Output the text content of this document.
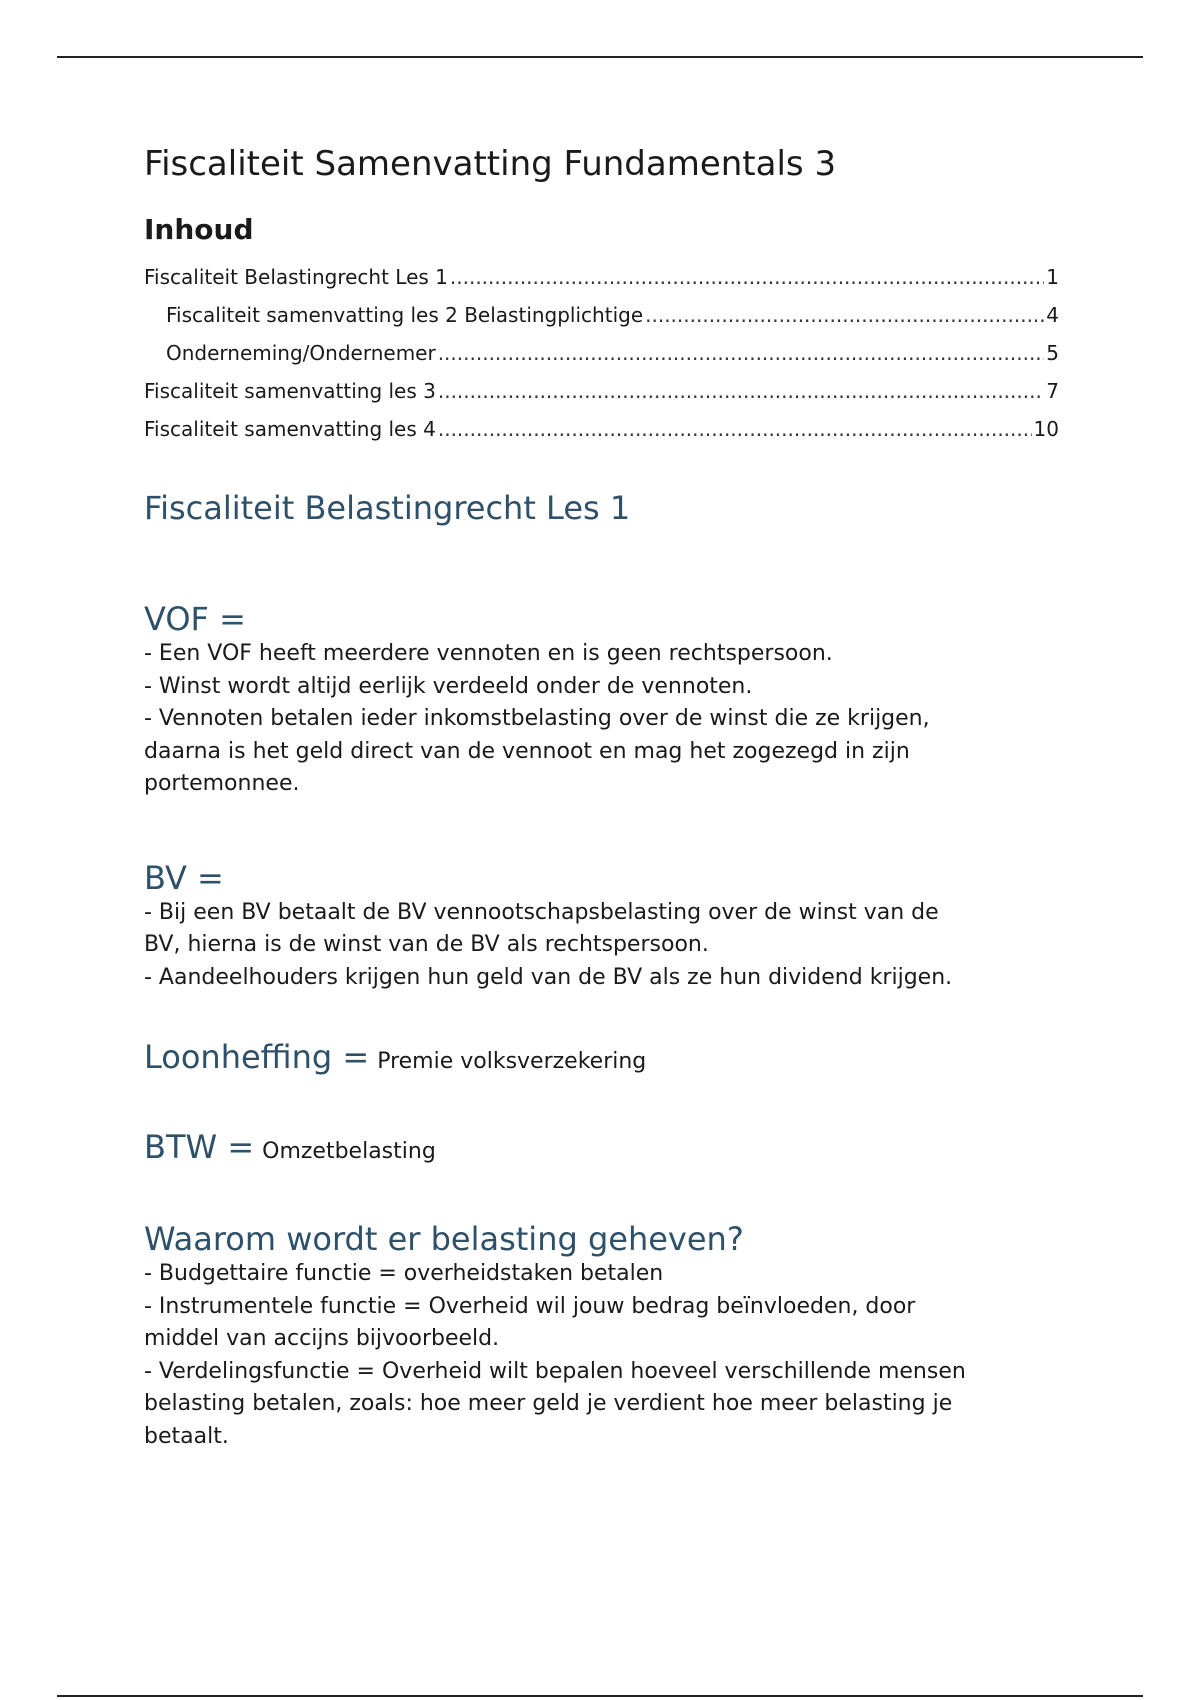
Fiscaliteit Samenvatting Fundamentals 3
Inhoud
Fiscaliteit Belastingrecht Les 1 .....	1
Fiscaliteit samenvatting les 2 Belastingplichtige .....	4
Onderneming/Ondernemer .....	5
Fiscaliteit samenvatting les 3 .....	7
Fiscaliteit samenvatting les 4 .....	10
Fiscaliteit Belastingrecht Les 1
VOF =

- Een VOF heeft meerdere vennoten en is geen rechtspersoon.

- Winst wordt altijd eerlijk verdeeld onder de vennoten.

- Vennoten betalen ieder inkomstbelasting over de winst die ze krijgen,

daarna is het geld direct van de vennoot en mag het zogezegd in zijn

portemonnee.

BV =

- Bij een BV betaalt de BV vennootschapsbelasting over de winst van de

BV, hierna is de winst van de BV als rechtspersoon.

- Aandeelhouders krijgen hun geld van de BV als ze hun dividend krijgen.

Loonheffing = Premie volksverzekering
BTW = Omzetbelasting
Waarom wordt er belasting geheven?

- Budgettaire functie = overheidstaken betalen

- Instrumentele functie = Overheid wil jouw bedrag beïnvloeden, door

middel van accijns bijvoorbeeld.

- Verdelingsfunctie = Overheid wilt bepalen hoeveel verschillende mensen

belasting betalen, zoals: hoe meer geld je verdient hoe meer belasting je

betaalt.
